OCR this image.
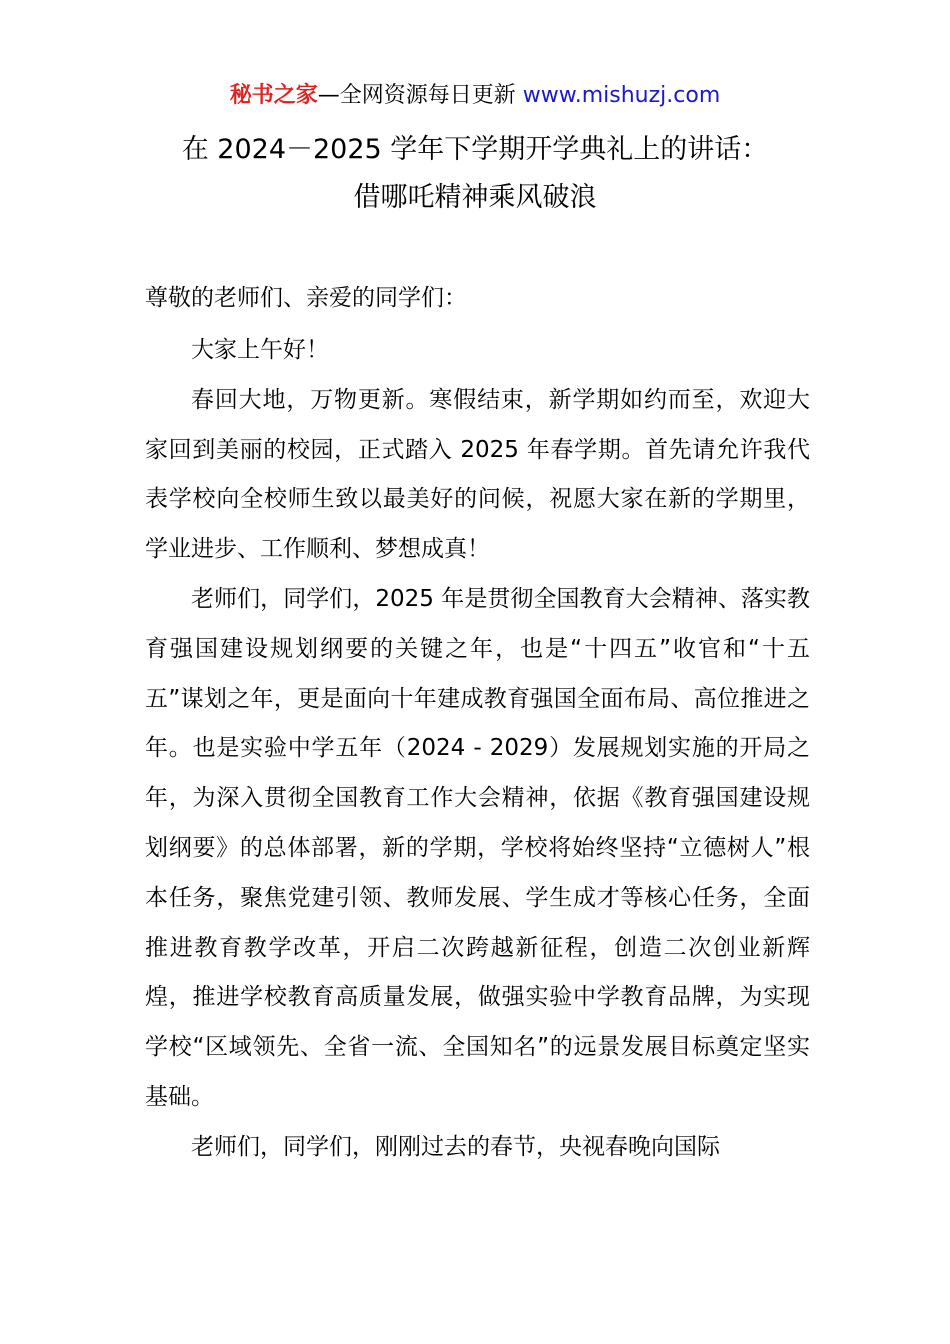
秘书之家—全网资源每日更新 www.mishuzj.com
在 2024－2025 学年下学期开学典礼上的讲话：
借哪吒精神乘风破浪
尊敬的老师们、亲爱的同学们：

大家上午好！

春回大地，万物更新。寒假结束，新学期如约而至，欢迎大家回到美丽的校园，正式踏入 2025 年春学期。首先请允许我代表学校向全校师生致以最美好的问候，祝愿大家在新的学期里，学业进步、工作顺利、梦想成真！

老师们，同学们，2025 年是贯彻全国教育大会精神、落实教育强国建设规划纲要的关键之年，也是“十四五”收官和“十五五”谋划之年，更是面向十年建成教育强国全面布局、高位推进之年。也是实验中学五年（2024 - 2029）发展规划实施的开局之年，为深入贯彻全国教育工作大会精神，依据《教育强国建设规划纲要》的总体部署，新的学期，学校将始终坚持“立德树人”根本任务，聚焦党建引领、教师发展、学生成才等核心任务，全面推进教育教学改革，开启二次跨越新征程，创造二次创业新辉煌，推进学校教育高质量发展，做强实验中学教育品牌，为实现学校“区域领先、全省一流、全国知名”的远景发展目标奠定坚实基础。

老师们，同学们，刚刚过去的春节，央视春晚向国际
